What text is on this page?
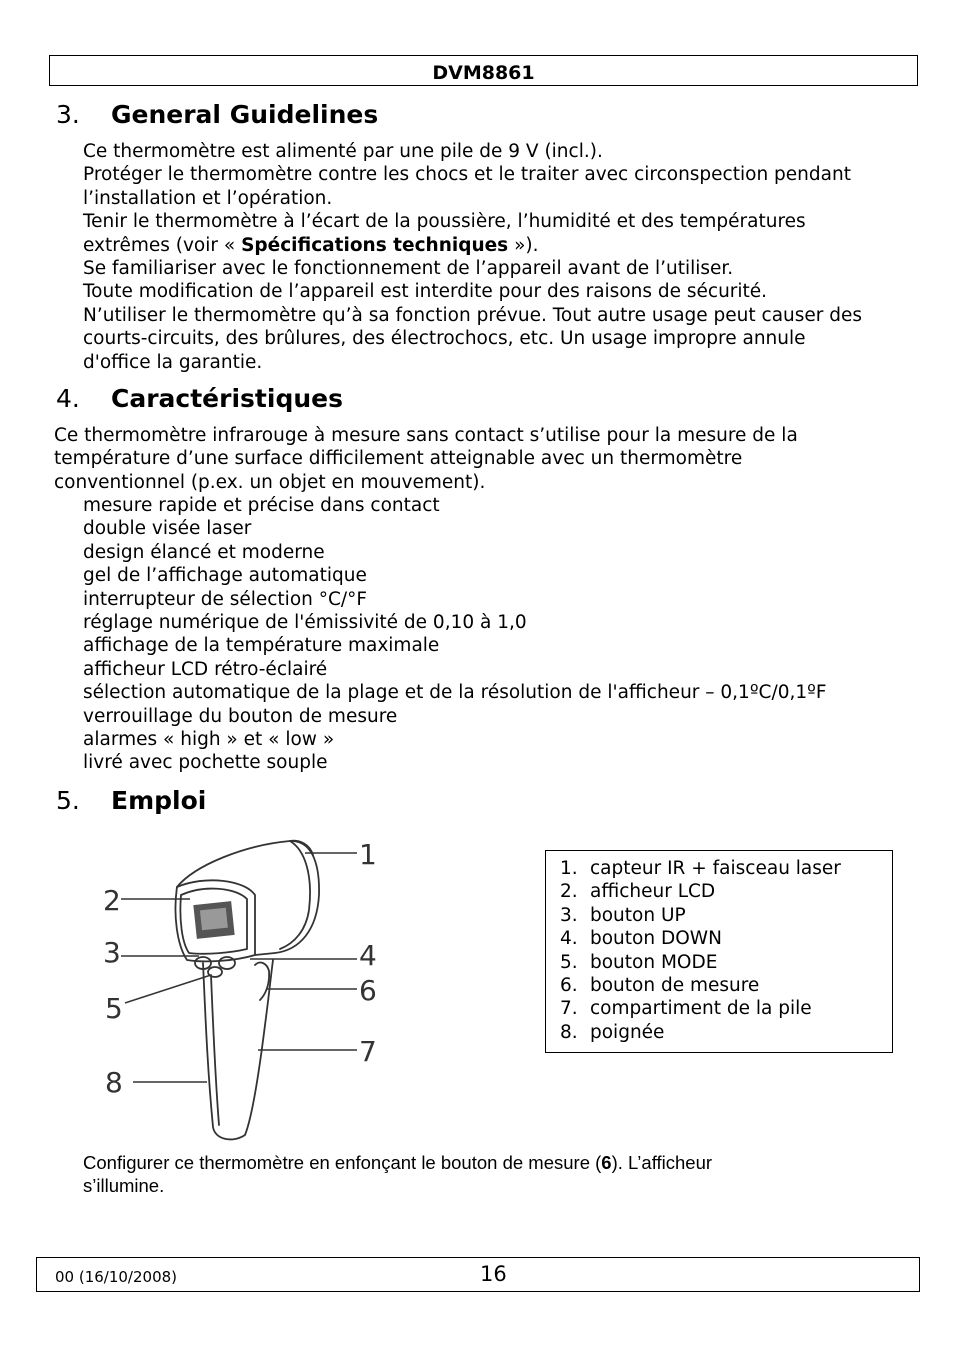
DVM8861
3. General Guidelines
Ce thermomètre est alimenté par une pile de 9 V (incl.).
Protéger le thermomètre contre les chocs et le traiter avec circonspection pendant
l’installation et l’opération.
Tenir le thermomètre à l’écart de la poussière, l’humidité et des températures
extrêmes (voir « Spécifications techniques »).
Se familiariser avec le fonctionnement de l’appareil avant de l’utiliser.
Toute modification de l’appareil est interdite pour des raisons de sécurité.
N’utiliser le thermomètre qu’à sa fonction prévue. Tout autre usage peut causer des
courts-circuits, des brûlures, des électrochocs, etc. Un usage impropre annule
d'office la garantie.
4. Caractéristiques
Ce thermomètre infrarouge à mesure sans contact s’utilise pour la mesure de la
température d’une surface difficilement atteignable avec un thermomètre
conventionnel (p.ex. un objet en mouvement).
mesure rapide et précise dans contact
double visée laser
design élancé et moderne
gel de l’affichage automatique
interrupteur de sélection °C/°F
réglage numérique de l'émissivité de 0,10 à 1,0
affichage de la température maximale
afficheur LCD rétro-éclairé
sélection automatique de la plage et de la résolution de l'afficheur – 0,1ºC/0,1ºF
verrouillage du bouton de mesure
alarmes « high » et « low »
livré avec pochette souple
5. Emploi
1
2
3	4
5
6
7
8
1. capteur IR + faisceau laser
2. afficheur LCD
3. bouton UP
4. bouton DOWN
5. bouton MODE
6. bouton de mesure
7. compartiment de la pile
8. poignée
Configurer ce thermomètre en enfonçant le bouton de mesure (6). L’afficheur
s’illumine.
00 (16/10/2008)	16
